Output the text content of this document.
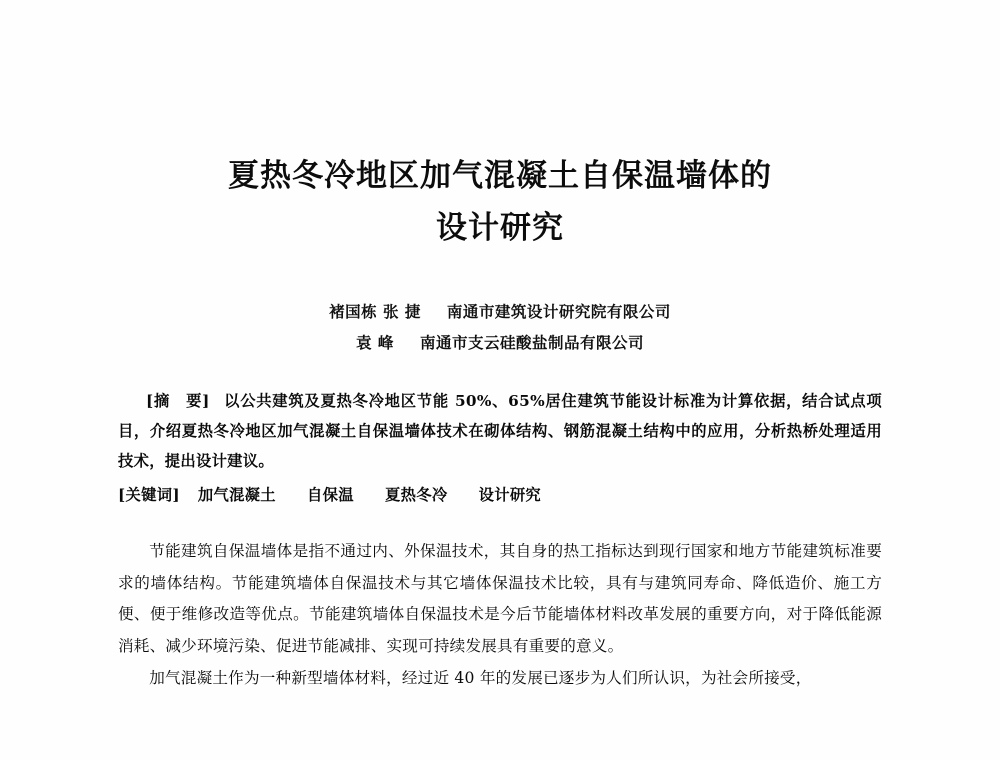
夏热冬冷地区加气混凝土自保温墙体的
设计研究
褚国栋 张 捷 南通市建筑设计研究院有限公司
袁 峰 南通市支云硅酸盐制品有限公司
[摘　要] 以公共建筑及夏热冬冷地区节能 50%、65%居住建筑节能设计标准为计算依据，结合试点项目，介绍夏热冬冷地区加气混凝土自保温墙体技术在砌体结构、钢筋混凝土结构中的应用，分析热桥处理适用技术，提出设计建议。
[关键词] 加气混凝土　　自保温　　夏热冬冷　　设计研究

节能建筑自保温墙体是指不通过内、外保温技术，其自身的热工指标达到现行国家和地方节能建筑标准要求的墙体结构。节能建筑墙体自保温技术与其它墙体保温技术比较，具有与建筑同寿命、降低造价、施工方便、便于维修改造等优点。节能建筑墙体自保温技术是今后节能墙体材料改革发展的重要方向，对于降低能源消耗、减少环境污染、促进节能减排、实现可持续发展具有重要的意义。

加气混凝土作为一种新型墙体材料，经过近 40 年的发展已逐步为人们所认识，为社会所接受，
